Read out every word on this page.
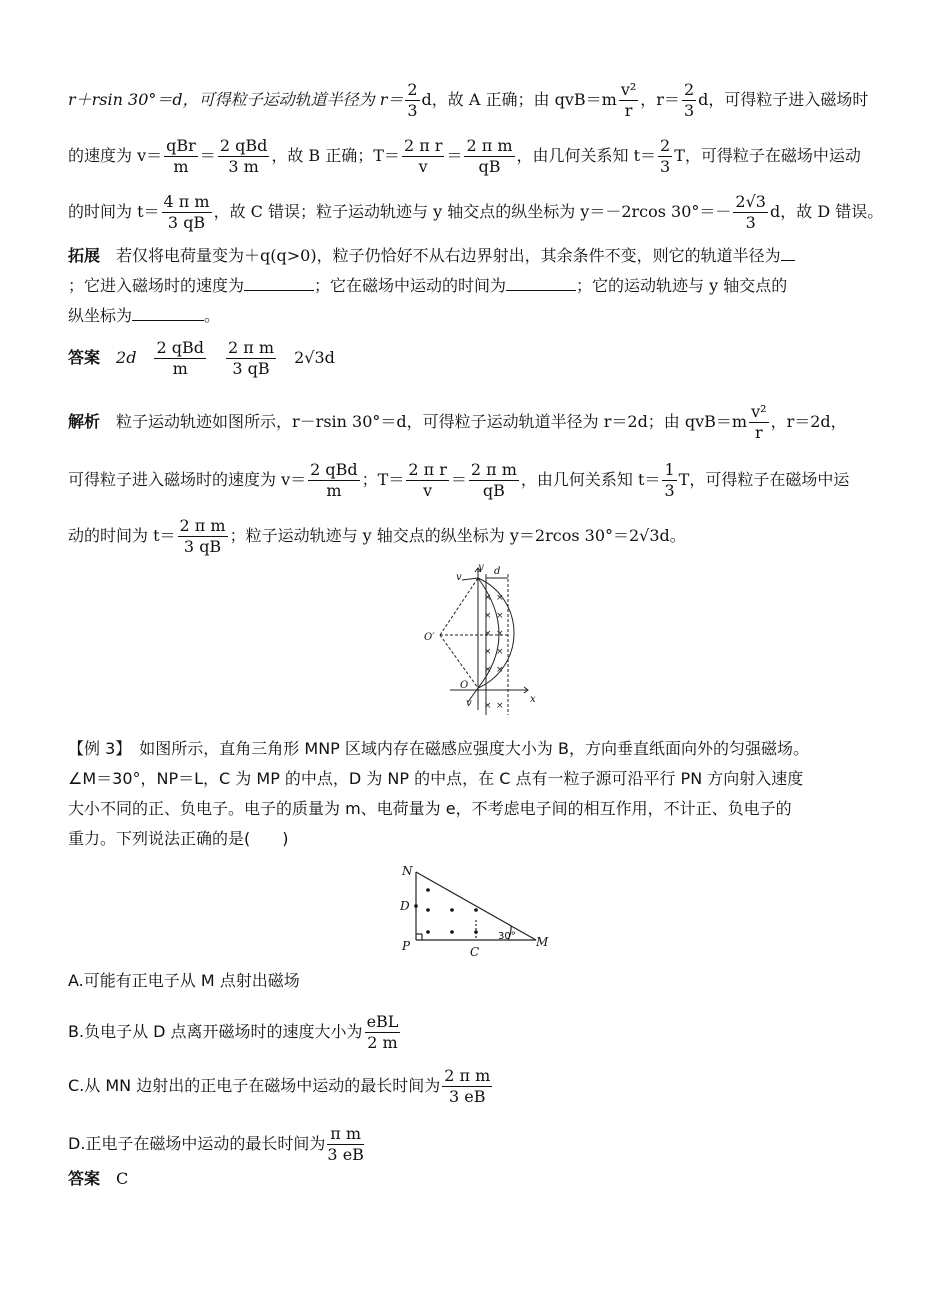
r＋rsin 30°＝d，可得粒子运动轨道半径为 $r= \frac{2}{3}$ d，故 A 正确；由 $qvB=m \frac{\text{v²}}{r}$ ，$r= \frac{2}{3}$ d，可得粒子进入磁场时
的速度为 $v= \frac{\text{qBr}}{m} = \frac{\text{2 qBd}}{3 m}$ ，故 B 正确；$T= \frac{\text{2 π r}}{v} = \frac{\text{2 π m}}{qB}$ ，由几何关系知 $t= \frac{2}{3}$ T，可得粒子在磁场中运动
的时间为 $t= \frac{\text{4 π m}}{3 qB}$ ，故 C 错误；粒子运动轨迹与 y 轴交点的纵坐标为 y＝－2rcos $30^\circ=- \frac{2√3}{3}$ d，故 D 错误。
拓展　 若仅将电荷量变为＋q(q>0)，粒子仍恰好不从右边界射出，其余条件不变，则它的轨道半径为
；它进入磁场时的速度为	；它在磁场中运动的时间为	；它的运动轨迹与 y 轴交点的
纵坐标为	。
答案　 2d　 $\frac{\text{2 qBd}}{m}$
　 $\frac{\text{2 π m}}{3 qB}$
　 2√3d
解析　 粒子运动轨迹如图所示，r－rsin 30°＝d，可得粒子运动轨道半径为 r＝2d；由 $qvB=m \frac{\text{v²}}{r}$ ，r＝2d，
可得粒子进入磁场时的速度为 $v= \frac{\text{2 qBd}}{m}$ ；$T= \frac{\text{2 π r}}{v} = \frac{\text{2 π m}}{qB}$ ，由几何关系知 $t= \frac{1}{3}$ T，可得粒子在磁场中运
动的时间为 $t= \frac{\text{2 π m}}{3 qB}$ ；粒子运动轨迹与 y 轴交点的纵坐标为 y＝2rcos 30°＝2√3d。
y
x
d
v
v
O′
O
× ×
× ×
× ×
× ×
× ×
× ×
【例 3】　 如图所示，直角三角形 MNP 区域内存在磁感应强度大小为 B，方向垂直纸面向外的匀强磁场。
∠M＝30°，NP＝L，C 为 MP 的中点，D 为 NP 的中点，在 C 点有一粒子源可沿平行 PN 方向射入速度
大小不同的正、负电子。电子的质量为 m、电荷量为 e，不考虑电子间的相互作用，不计正、负电子的
重力。下列说法正确的是(　　)
N
D
P	C
M
30°
A.可能有正电子从 M 点射出磁场
B.负电子从 D 点离开磁场时的速度大小为 $\frac{\text{eBL}}{2 m}$
C.从 MN 边射出的正电子在磁场中运动的最长时间为 $\frac{\text{2 π m}}{3 eB}$
D.正电子在磁场中运动的最长时间为 $\frac{\text{π m}}{3 eB}$
答案　 C
